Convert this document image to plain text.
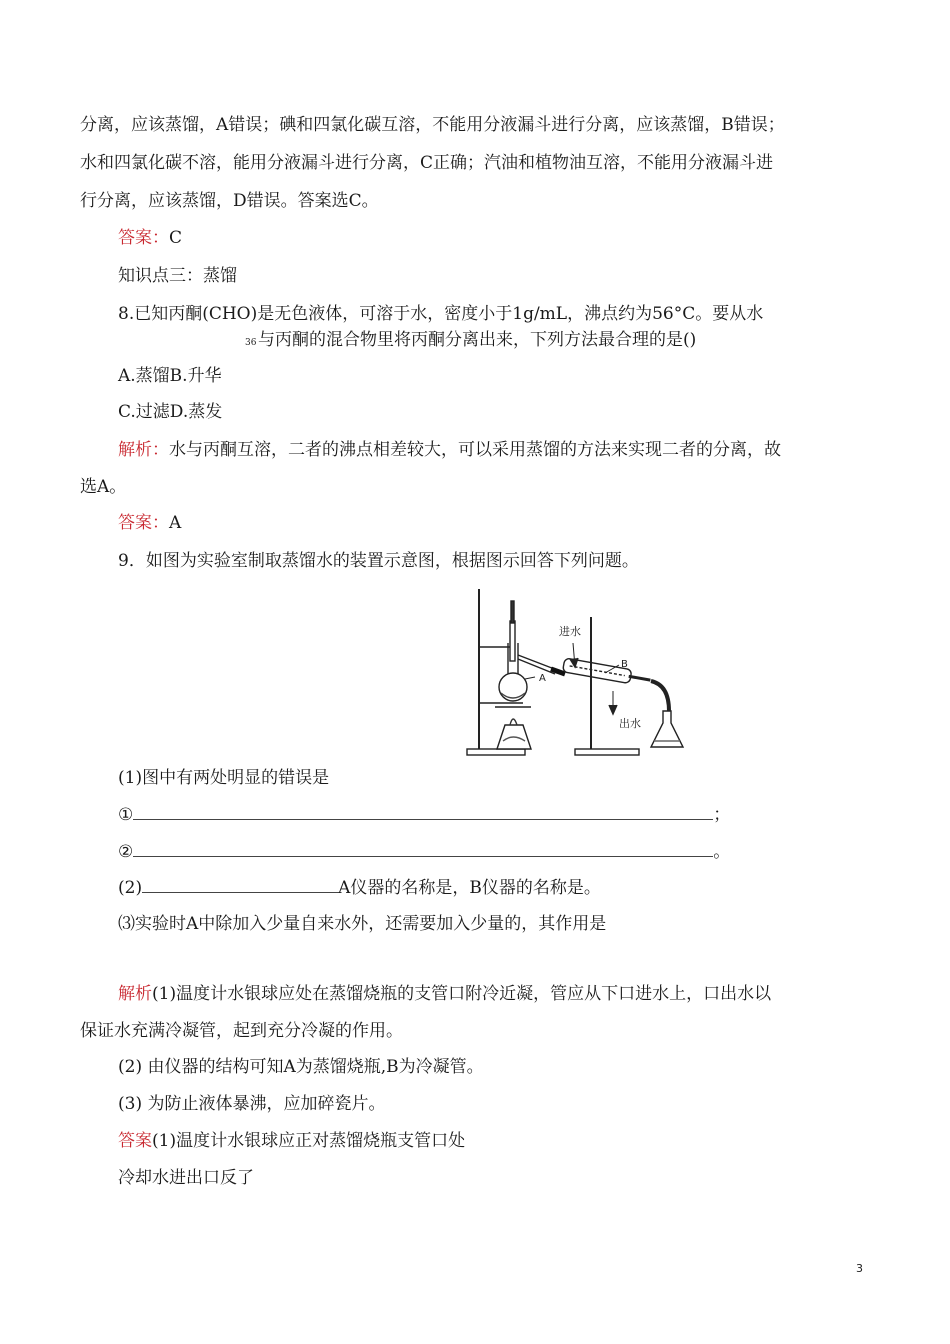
分离，应该蒸馏，A错误；碘和四氯化碳互溶，不能用分液漏斗进行分离，应该蒸馏，B错误；
水和四氯化碳不溶，能用分液漏斗进行分离，C正确；汽油和植物油互溶，不能用分液漏斗进
行分离，应该蒸馏，D错误。答案选C。
答案：C
知识点三：蒸馏
8.已知丙酮(CHO)是无色液体，可溶于水，密度小于1g/mL，沸点约为56°C。要从水
36 与丙酮的混合物里将丙酮分离出来，下列方法最合理的是()
A.蒸馏B.升华
C.过滤D.蒸发
解析：水与丙酮互溶，二者的沸点相差较大，可以采用蒸馏的方法来实现二者的分离，故
选A。
答案：A
9．如图为实验室制取蒸馏水的装置示意图，根据图示回答下列问题。
A
B
进水
出水
(1)图中有两处明显的错误是
①	；
②	。
(2)	A仪器的名称是，B仪器的名称是。
⑶实验时A中除加入少量自来水外，还需要加入少量的，其作用是
解析(1)温度计水银球应处在蒸馏烧瓶的支管口附冷近凝，管应从下口进水上，口出水以
保证水充满冷凝管，起到充分冷凝的作用。
(2) 由仪器的结构可知A为蒸馏烧瓶,B为冷凝管。
(3) 为防止液体暴沸，应加碎瓷片。
答案(1)温度计水银球应正对蒸馏烧瓶支管口处
冷却水进出口反了
3
